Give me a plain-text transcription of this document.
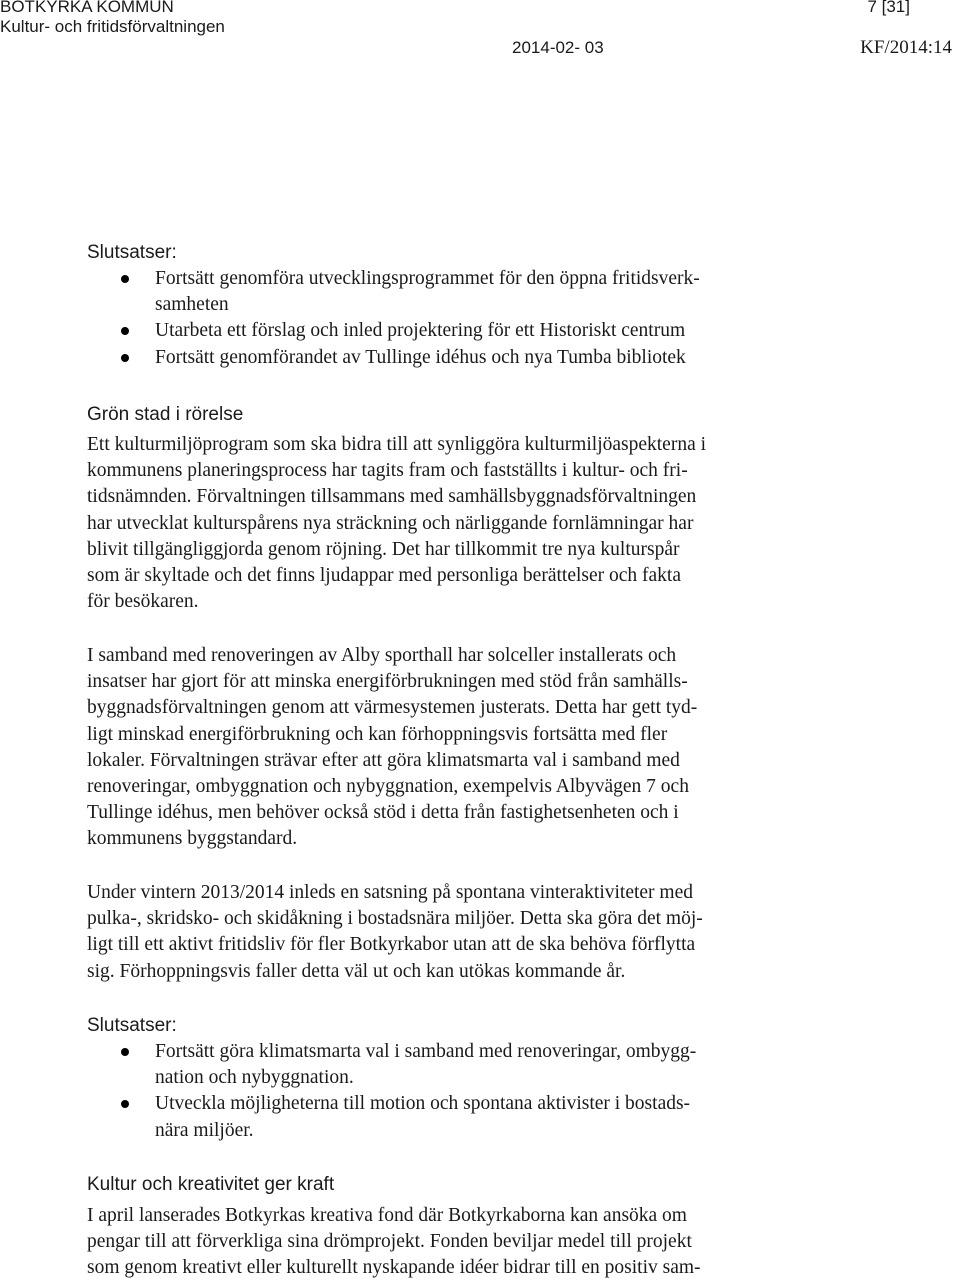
BOTKYRKA KOMMUN
Kultur- och fritidsförvaltningen
7 [31]
2014-02- 03	KF/2014:14
Slutsatser:
Fortsätt genomföra utvecklingsprogrammet för den öppna fritidsverk-
samheten
Utarbeta ett förslag och inled projektering för ett Historiskt centrum
Fortsätt genomförandet av Tullinge idéhus och nya Tumba bibliotek
Grön stad i rörelse
Ett kulturmiljöprogram som ska bidra till att synliggöra kulturmiljöaspekterna i
kommunens planeringsprocess har tagits fram och fastställts i kultur- och fri-
tidsnämnden. Förvaltningen tillsammans med samhällsbyggnadsförvaltningen
har utvecklat kulturspårens nya sträckning och närliggande fornlämningar har
blivit tillgängliggjorda genom röjning. Det har tillkommit tre nya kulturspår
som är skyltade och det finns ljudappar med personliga berättelser och fakta
för besökaren.
I samband med renoveringen av Alby sporthall har solceller installerats och
insatser har gjort för att minska energiförbrukningen med stöd från samhälls-
byggnadsförvaltningen genom att värmesystemen justerats. Detta har gett tyd-
ligt minskad energiförbrukning och kan förhoppningsvis fortsätta med fler
lokaler. Förvaltningen strävar efter att göra klimatsmarta val i samband med
renoveringar, ombyggnation och nybyggnation, exempelvis Albyvägen 7 och
Tullinge idéhus, men behöver också stöd i detta från fastighetsenheten och i
kommunens byggstandard.
Under vintern 2013/2014 inleds en satsning på spontana vinteraktiviteter med
pulka-, skridsko- och skidåkning i bostadsnära miljöer. Detta ska göra det möj-
ligt till ett aktivt fritidsliv för fler Botkyrkabor utan att de ska behöva förflytta
sig. Förhoppningsvis faller detta väl ut och kan utökas kommande år.
Slutsatser:
Fortsätt göra klimatsmarta val i samband med renoveringar, ombygg-
nation och nybyggnation.
Utveckla möjligheterna till motion och spontana aktivister i bostads-
nära miljöer.
Kultur och kreativitet ger kraft
I april lanserades Botkyrkas kreativa fond där Botkyrkaborna kan ansöka om
pengar till att förverkliga sina drömprojekt. Fonden beviljar medel till projekt
som genom kreativt eller kulturellt nyskapande idéer bidrar till en positiv sam-
